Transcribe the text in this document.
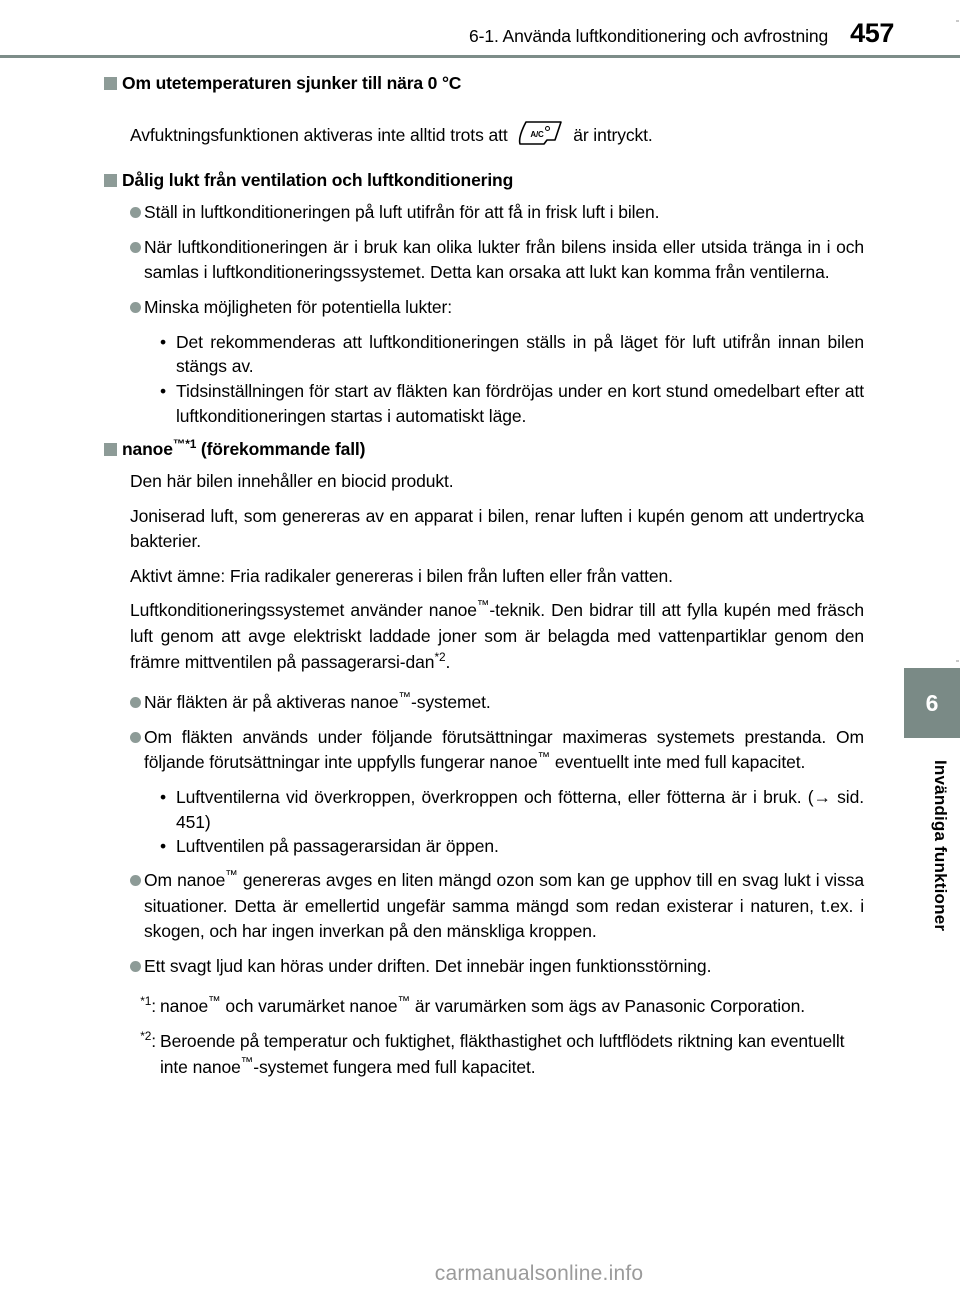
6-1. Använda luftkonditionering och avfrostning 457
6
Invändiga funktioner
Om utetemperaturen sjunker till nära 0 °C
Avfuktningsfunktionen aktiveras inte alltid trots att	A/C är intryckt.
Dålig lukt från ventilation och luftkonditionering
Ställ in luftkonditioneringen på luft utifrån för att få in frisk luft i bilen.
När luftkonditioneringen är i bruk kan olika lukter från bilens insida eller utsida tränga in i och samlas i luftkonditioneringssystemet. Detta kan orsaka att lukt kan komma från ventilerna.
Minska möjligheten för potentiella lukter:
• Det rekommenderas att luftkonditioneringen ställs in på läget för luft utifrån innan bilen stängs av.
• Tidsinställningen för start av fläkten kan fördröjas under en kort stund omedelbart efter att luftkonditioneringen startas i automatiskt läge.
nanoe$^{™*1}$ (förekommande fall)
Den här bilen innehåller en biocid produkt.
Joniserad luft, som genereras av en apparat i bilen, renar luften i kupén genom att undertrycka bakterier.
Aktivt ämne: Fria radikaler genereras i bilen från luften eller från vatten.
Luftkonditioneringssystemet använder nanoe™-teknik. Den bidrar till att fylla kupén med fräsch luft genom att avge elektriskt laddade joner som är belagda med vattenpartiklar genom den främre mittventilen på passagerarsi-dan$^{*2}$.
När fläkten är på aktiveras nanoe™-systemet.
Om fläkten används under följande förutsättningar maximeras systemets prestanda. Om följande förutsättningar inte uppfylls fungerar nanoe™ eventuellt inte med full kapacitet.
• Luftventilerna vid överkroppen, överkroppen och fötterna, eller fötterna är i bruk. (→ sid. 451)
• Luftventilen på passagerarsidan är öppen.
Om nanoe™ genereras avges en liten mängd ozon som kan ge upphov till en svag lukt i vissa situationer. Detta är emellertid ungefär samma mängd som redan existerar i naturen, t.ex. i skogen, och har ingen inverkan på den mänskliga kroppen.
Ett svagt ljud kan höras under driften. Det innebär ingen funktionsstörning.
$^{*1}$: nanoe™ och varumärket nanoe™ är varumärken som ägs av Panasonic Corporation.
$^{*2}$: Beroende på temperatur och fuktighet, fläkthastighet och luftflödets riktning kan eventuellt inte nanoe™-systemet fungera med full kapacitet.
carmanualsonline.info
